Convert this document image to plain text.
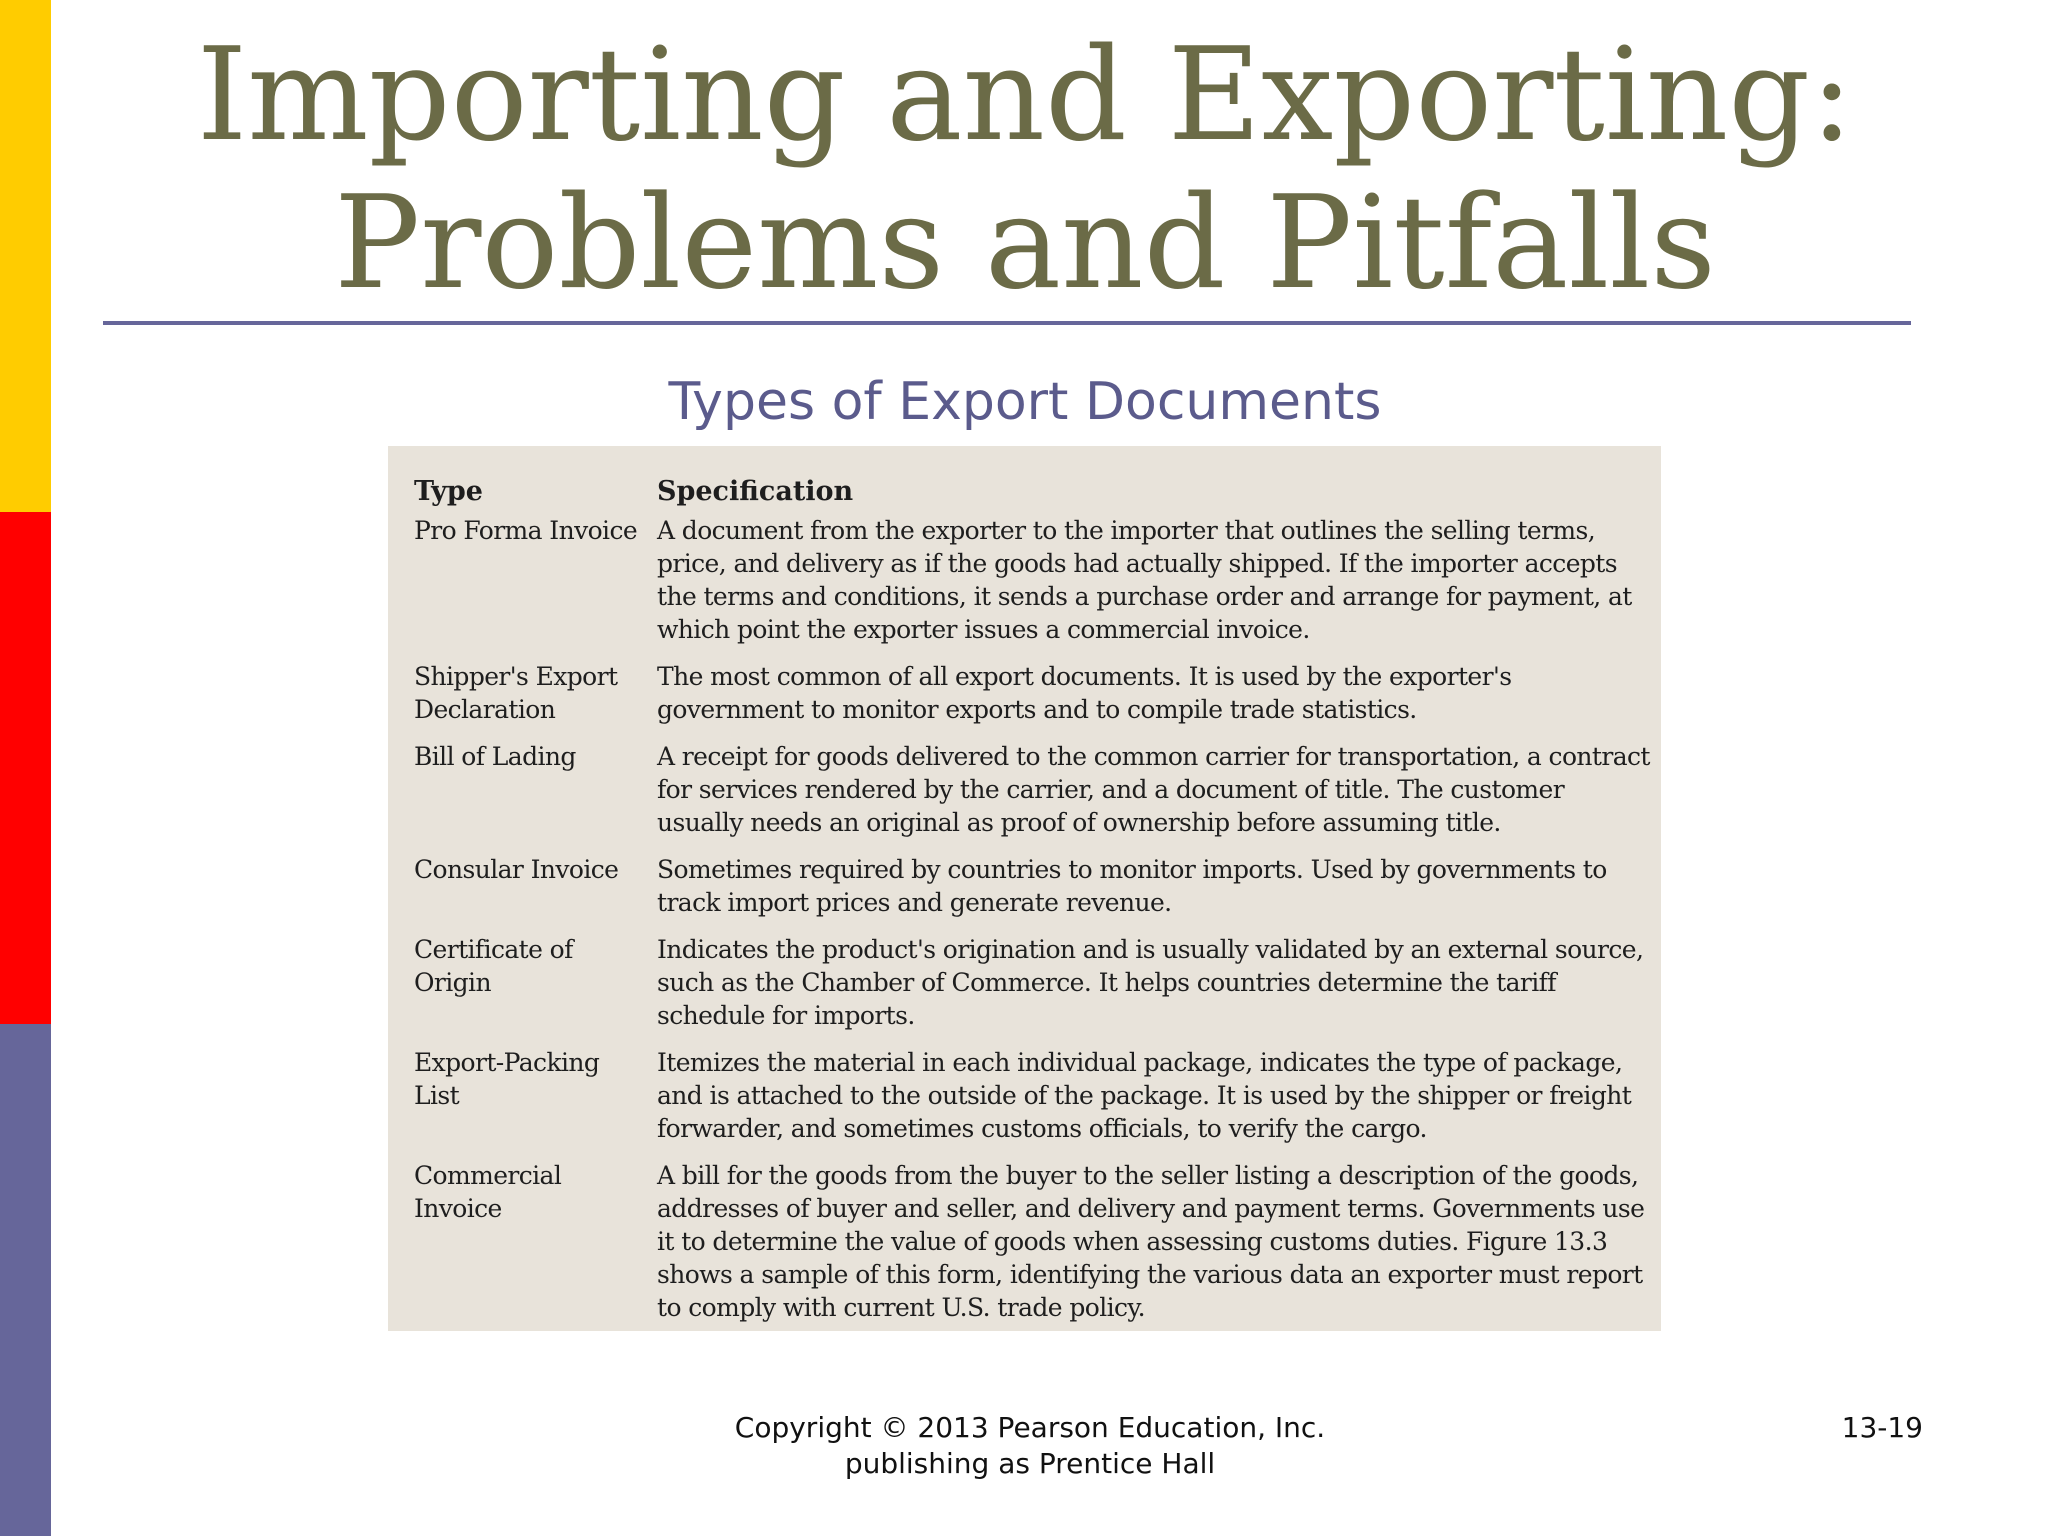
Importing and Exporting:
Problems and Pitfalls
Types of Export Documents
Type	Specification
Pro Forma Invoice	A document from the exporter to the importer that outlines the selling terms, price, and delivery as if the goods had actually shipped. If the importer accepts the terms and conditions, it sends a purchase order and arrange for payment, at which point the exporter issues a commercial invoice.
Shipper's Export Declaration	The most common of all export documents. It is used by the exporter's government to monitor exports and to compile trade statistics.
Bill of Lading	A receipt for goods delivered to the common carrier for transportation, a contract for services rendered by the carrier, and a document of title. The customer usually needs an original as proof of ownership before assuming title.
Consular Invoice	Sometimes required by countries to monitor imports. Used by governments to track import prices and generate revenue.
Certificate of Origin	Indicates the product's origination and is usually validated by an external source, such as the Chamber of Commerce. It helps countries determine the tariff schedule for imports.
Export-Packing List	Itemizes the material in each individual package, indicates the type of package, and is attached to the outside of the package. It is used by the shipper or freight forwarder, and sometimes customs officials, to verify the cargo.
Commercial Invoice	A bill for the goods from the buyer to the seller listing a description of the goods, addresses of buyer and seller, and delivery and payment terms. Governments use it to determine the value of goods when assessing customs duties. Figure 13.3 shows a sample of this form, identifying the various data an exporter must report to comply with current U.S. trade policy.
Copyright © 2013 Pearson Education, Inc.
publishing as Prentice Hall
13-19
